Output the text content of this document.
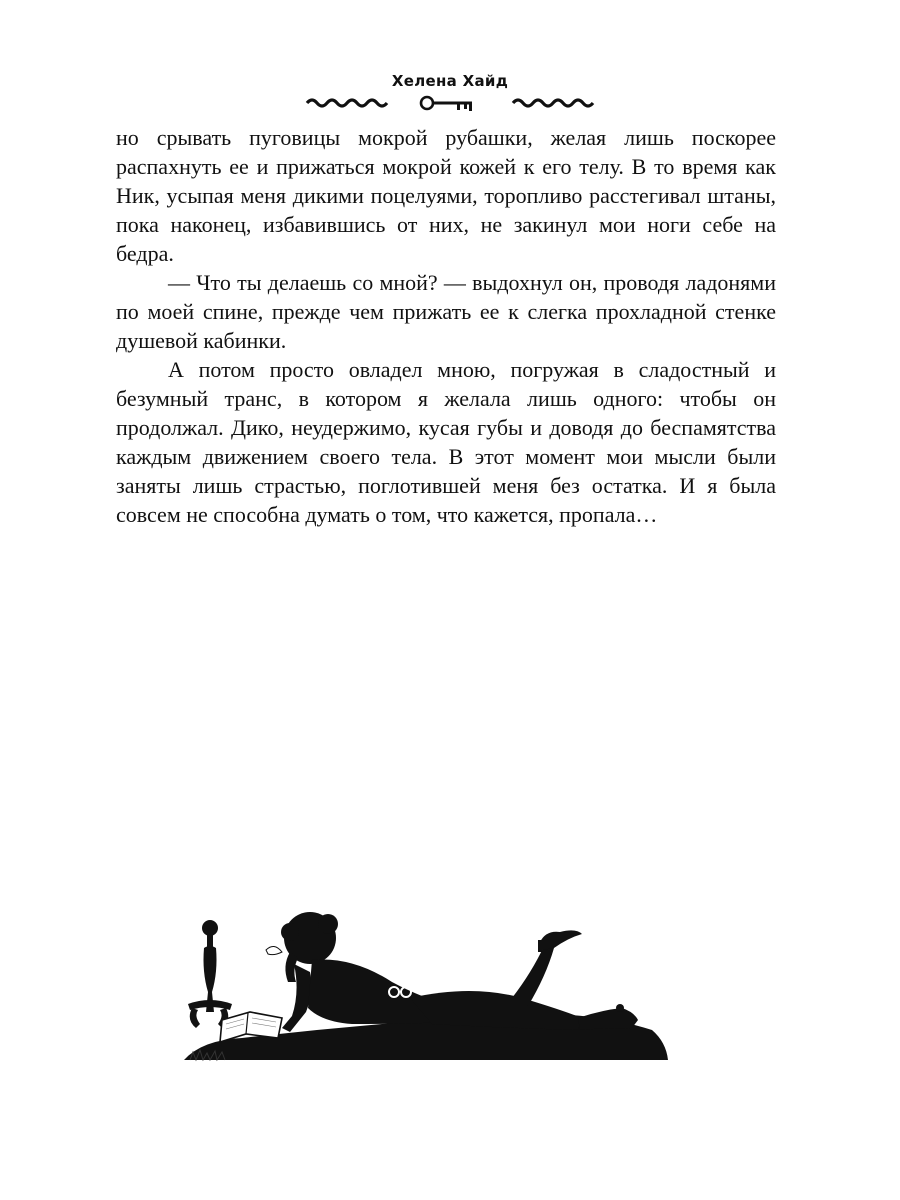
Хелена Хайд

но срывать пуговицы мокрой рубашки, желая лишь поскорее распахнуть ее и прижаться мокрой кожей к его телу. В то время как Ник, усыпая меня дикими поцелуями, торопливо расстегивал штаны, пока наконец, избавившись от них, не закинул мои ноги себе на бедра.

— Что ты делаешь со мной? — выдохнул он, проводя ладонями по моей спине, прежде чем прижать ее к слегка прохладной стенке душевой кабинки.

А потом просто овладел мною, погружая в сладостный и безумный транс, в котором я желала лишь одного: чтобы он продолжал. Дико, неудержимо, кусая губы и доводя до беспамятства каждым движением своего тела. В этот момент мои мысли были заняты лишь страстью, поглотившей меня без остатка. И я была совсем не способна думать о том, что кажется, пропала…
